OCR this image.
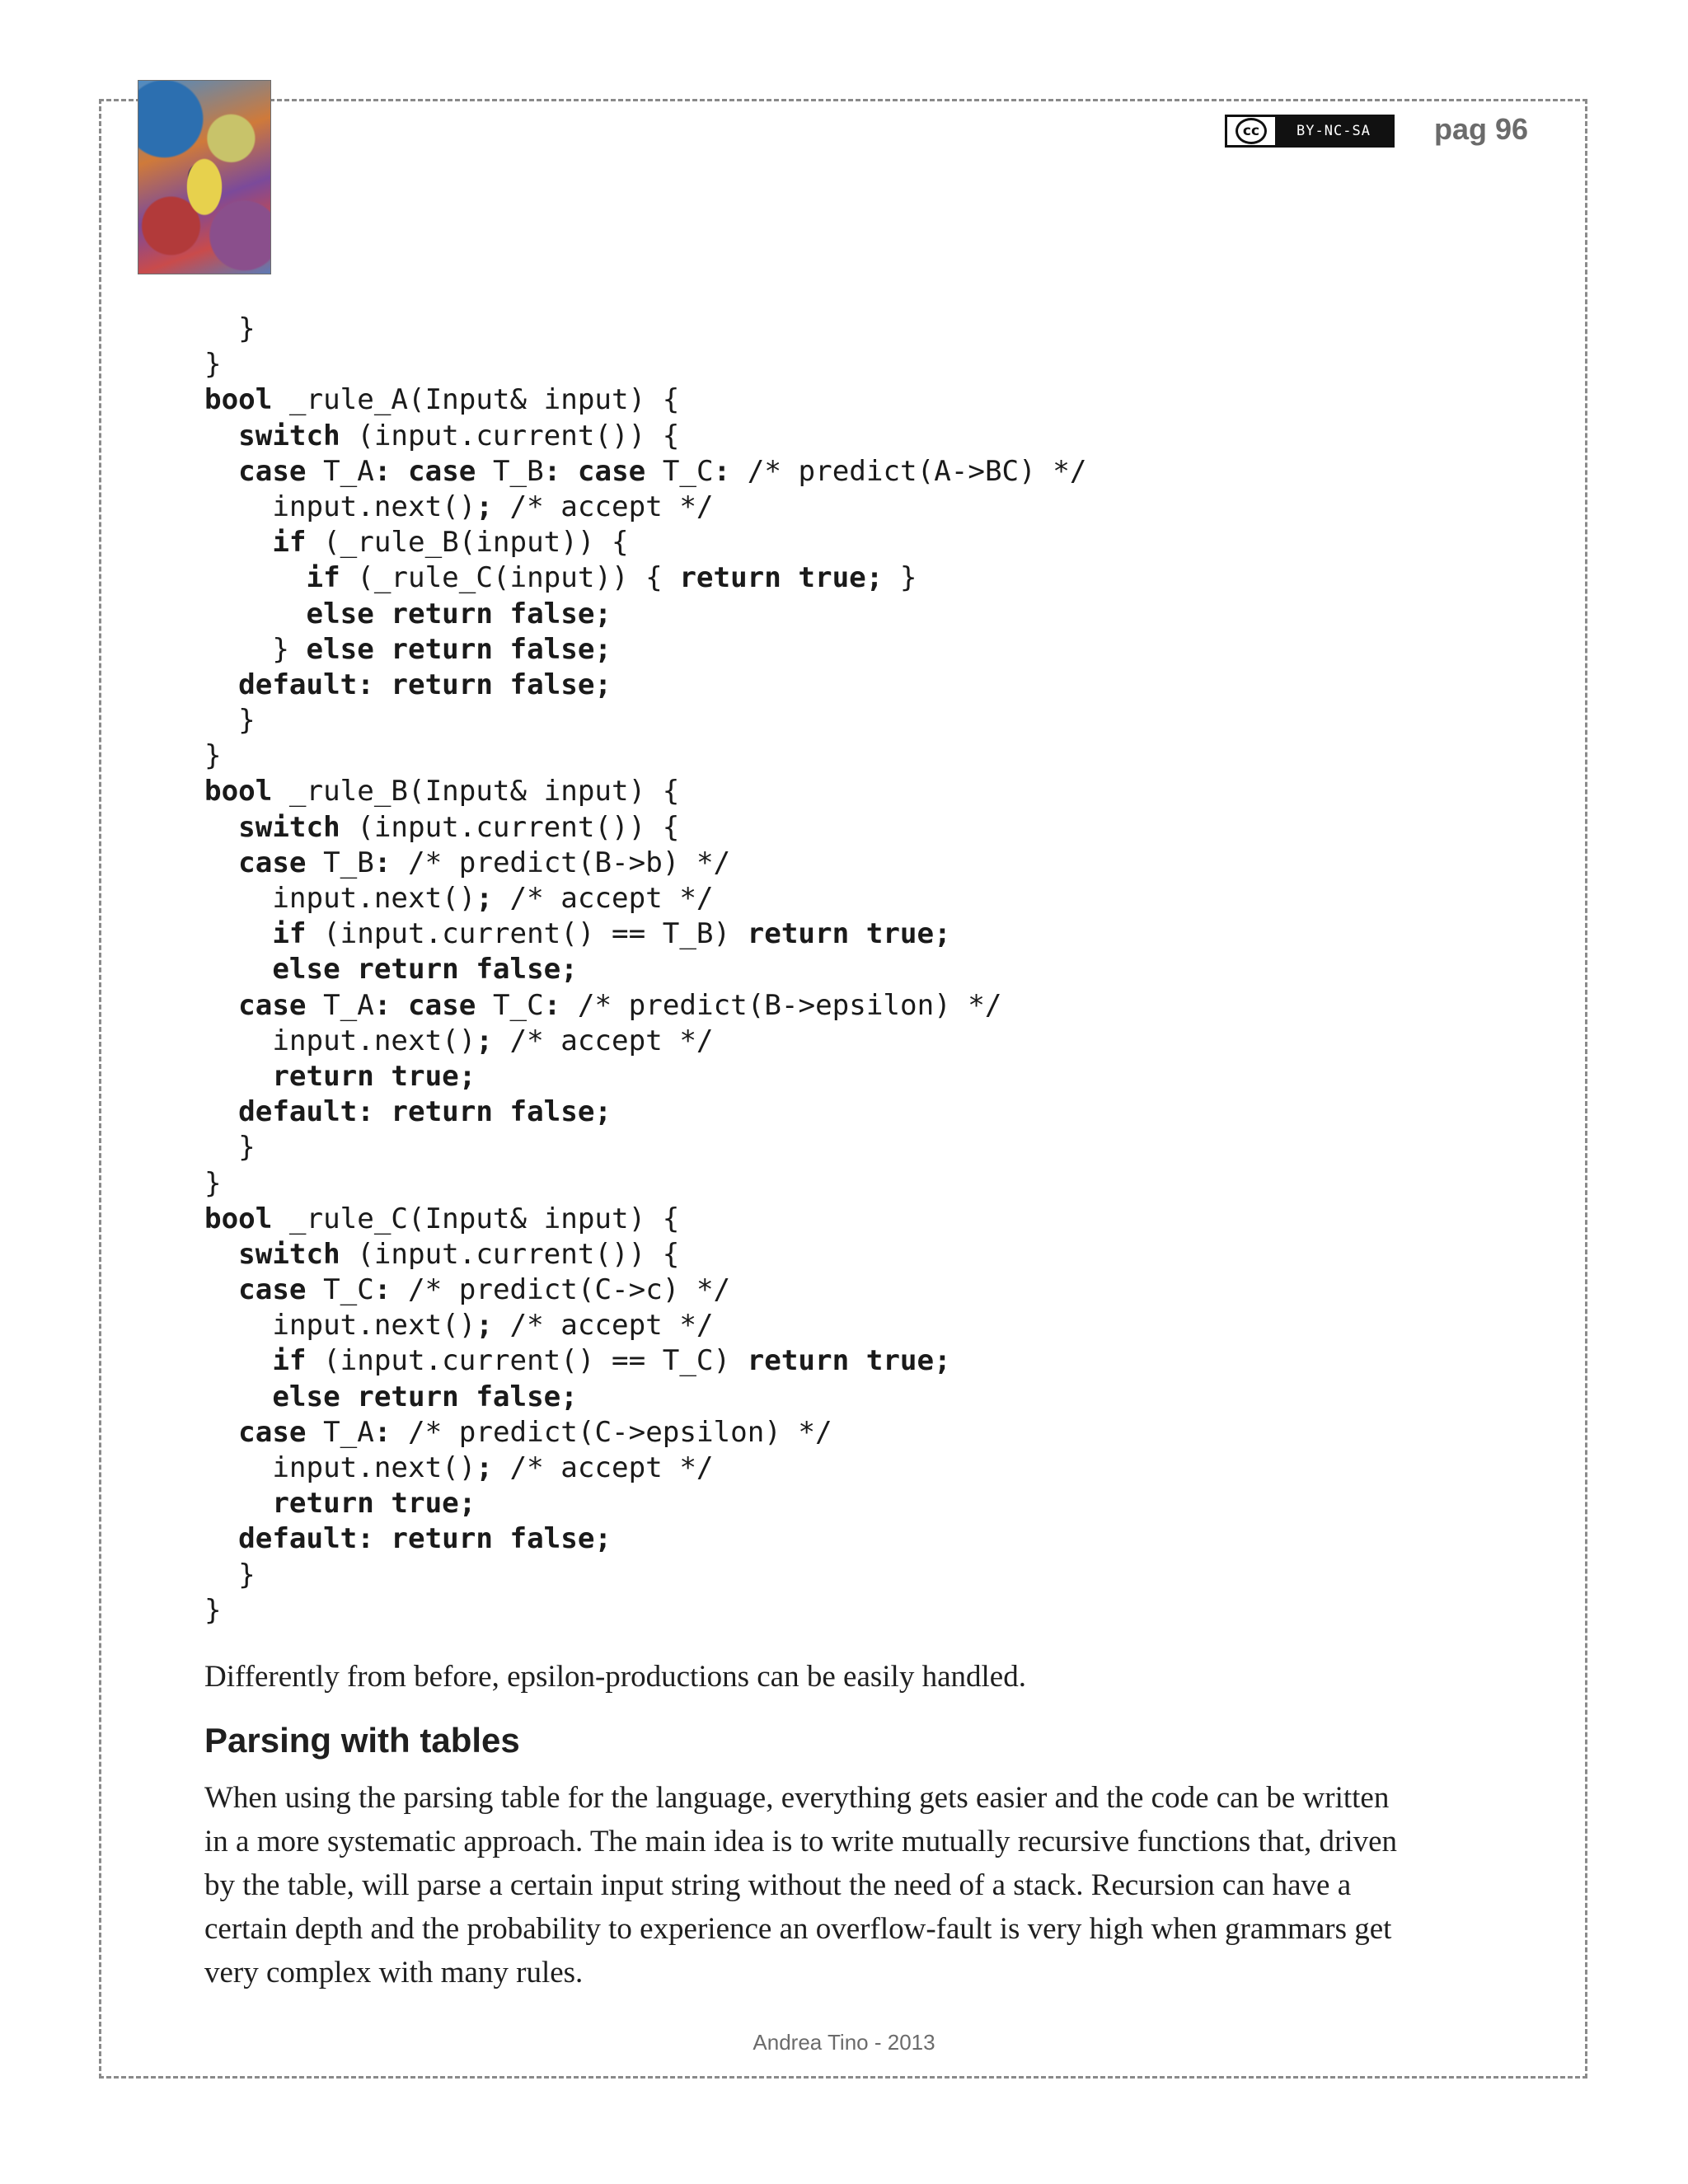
cc	BY-NC-SA	pag 96
}
}
bool _rule_A(Input& input) {
switch (input.current()) {
case T_A: case T_B: case T_C: /* predict(A->BC) */
input.next(); /* accept */
if (_rule_B(input)) {
if (_rule_C(input)) { return true; }
else return false;
} else return false;
default: return false;
}
}
bool _rule_B(Input& input) {
switch (input.current()) {
case T_B: /* predict(B->b) */
input.next(); /* accept */
if (input.current() == T_B) return true;
else return false;
case T_A: case T_C: /* predict(B->epsilon) */
input.next(); /* accept */
return true;
default: return false;
}
}
bool _rule_C(Input& input) {
switch (input.current()) {
case T_C: /* predict(C->c) */
input.next(); /* accept */
if (input.current() == T_C) return true;
else return false;
case T_A: /* predict(C->epsilon) */
input.next(); /* accept */
return true;
default: return false;
}
}

Differently from before, epsilon-productions can be easily handled.

Parsing with tables
When using the parsing table for the language, everything gets easier and the code can be written
in a more systematic approach. The main idea is to write mutually recursive functions that, driven
by the table, will parse a certain input string without the need of a stack. Recursion can have a
certain depth and the probability to experience an overflow-fault is very high when grammars get
very complex with many rules.
Andrea Tino - 2013
